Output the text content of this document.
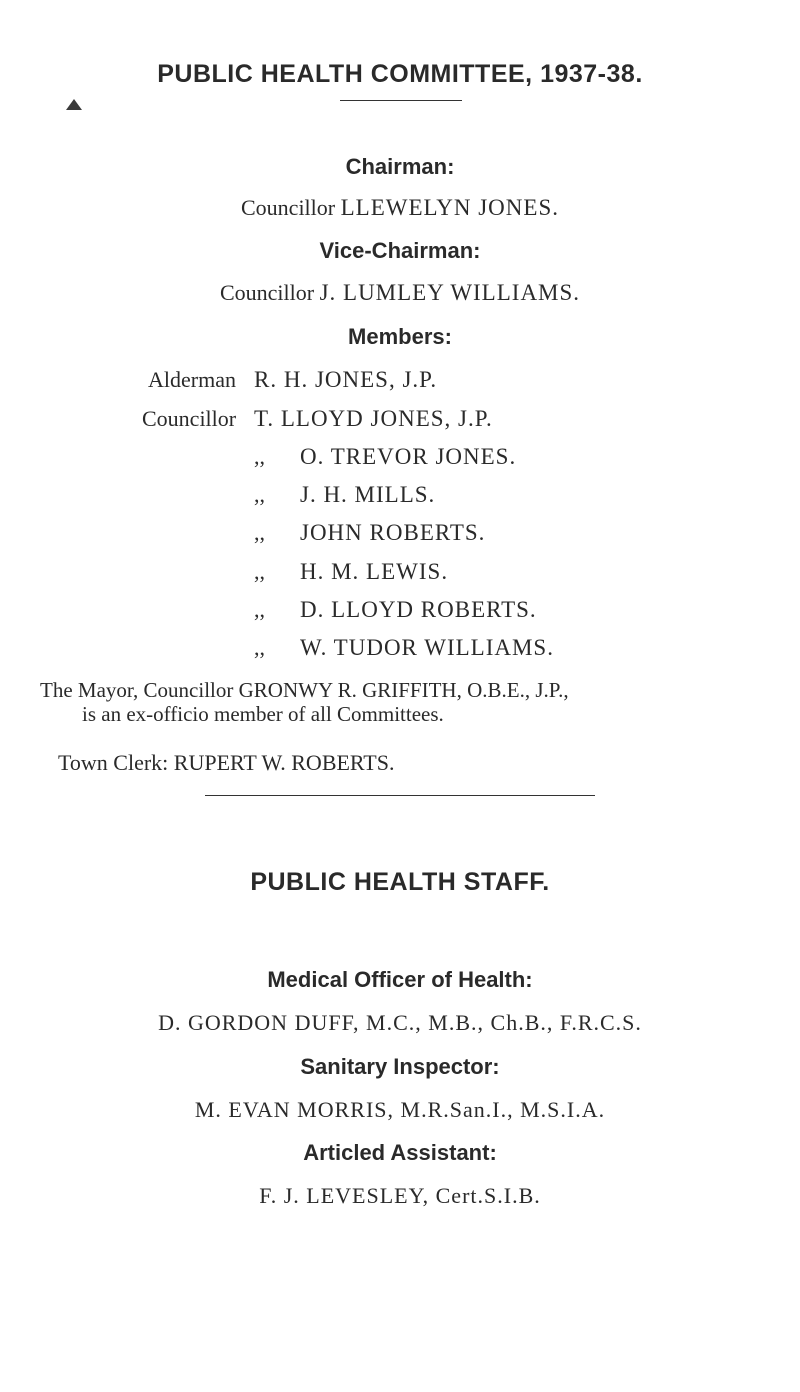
PUBLIC HEALTH COMMITTEE, 1937-38.
Chairman:
Councillor LLEWELYN JONES.
Vice-Chairman:
Councillor J. LUMLEY WILLIAMS.
Members:
Alderman R. H. JONES, J.P.
Councillor T. LLOYD JONES, J.P.
,, O. TREVOR JONES.
,, J. H. MILLS.
,, JOHN ROBERTS.
,, H. M. LEWIS.
,, D. LLOYD ROBERTS.
,, W. TUDOR WILLIAMS.
The Mayor, Councillor GRONWY R. GRIFFITH, O.B.E., J.P.,
is an ex-officio member of all Committees.
Town Clerk: RUPERT W. ROBERTS.
PUBLIC HEALTH STAFF.
Medical Officer of Health:
D. GORDON DUFF, M.C., M.B., Ch.B., F.R.C.S.
Sanitary Inspector:
M. EVAN MORRIS, M.R.San.I., M.S.I.A.
Articled Assistant:
F. J. LEVESLEY, Cert.S.I.B.
